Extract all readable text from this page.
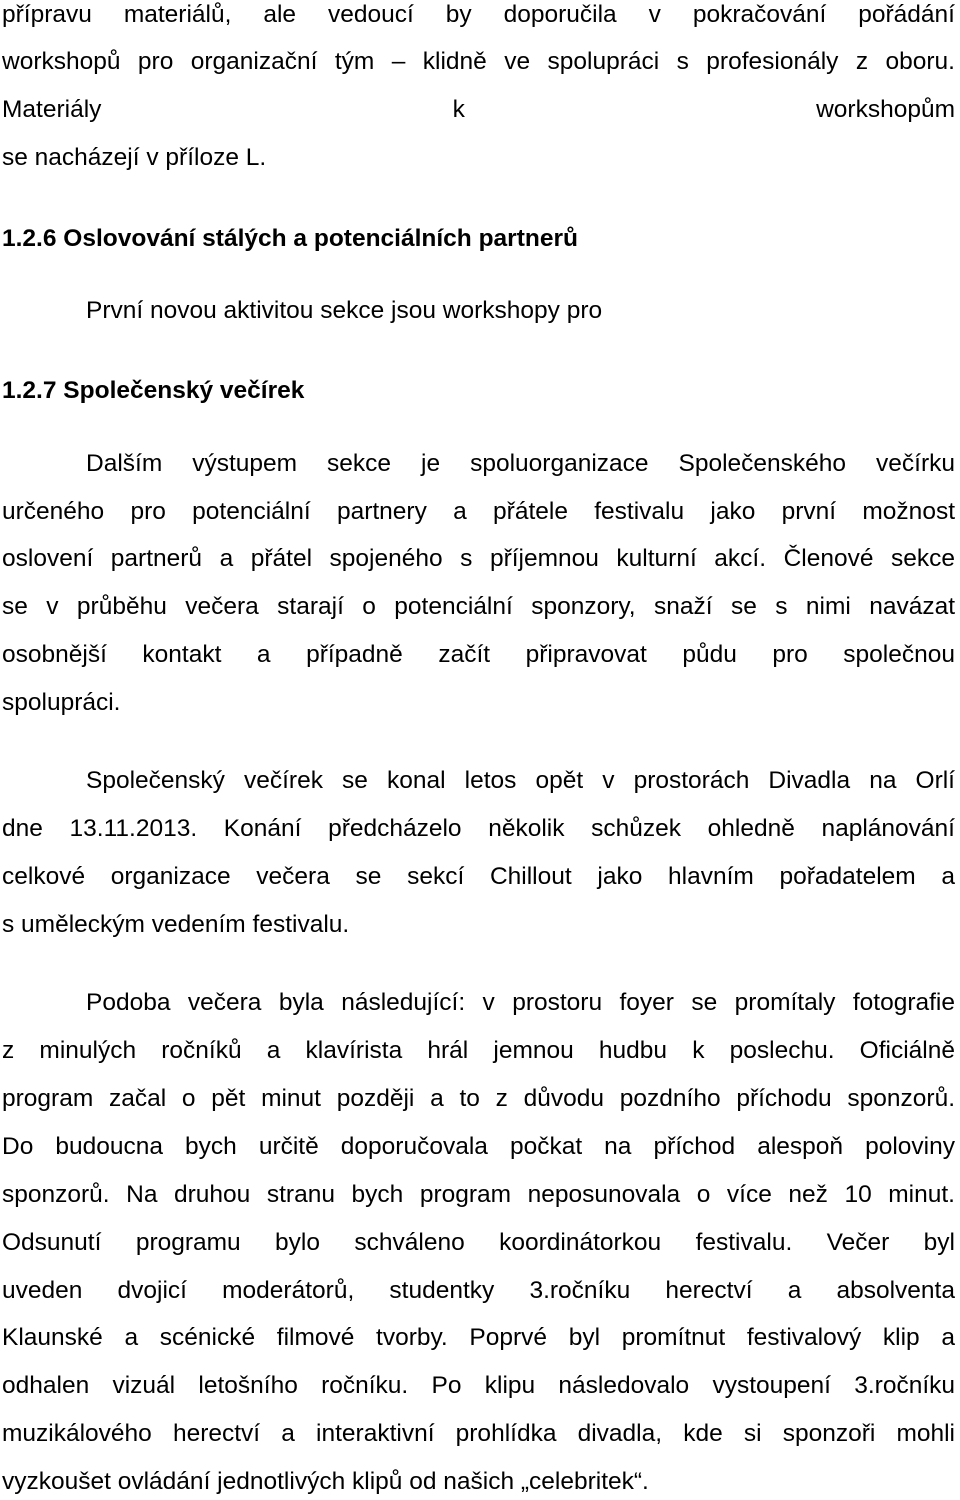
přípravu materiálů, ale vedoucí by doporučila v pokračování pořádání
workshopů pro organizační tým – klidně ve spolupráci s profesionály z oboru.
Materiály k workshopům
se nacházejí v příloze L.
1.2.6 Oslovování stálých a potenciálních partnerů
První novou aktivitou sekce jsou workshopy pro
1.2.7 Společenský večírek
Dalším výstupem sekce je spoluorganizace Společenského večírku
určeného pro potenciální partnery a přátele festivalu jako první možnost
oslovení partnerů a přátel spojeného s příjemnou kulturní akcí. Členové sekce
se v průběhu večera starají o potenciální sponzory, snaží se s nimi navázat
osobnější kontakt a případně začít připravovat půdu pro společnou
spolupráci.
Společenský večírek se konal letos opět v prostorách Divadla na Orlí
dne 13.11.2013. Konání předcházelo několik schůzek ohledně naplánování
celkové organizace večera se sekcí Chillout jako hlavním pořadatelem a
s uměleckým vedením festivalu.
Podoba večera byla následující: v prostoru foyer se promítaly fotografie
z minulých ročníků a klavírista hrál jemnou hudbu k poslechu. Oficiálně
program začal o pět minut později a to z důvodu pozdního příchodu sponzorů.
Do budoucna bych určitě doporučovala počkat na příchod alespoň poloviny
sponzorů. Na druhou stranu bych program neposunovala o více než 10 minut.
Odsunutí programu bylo schváleno koordinátorkou festivalu. Večer byl
uveden dvojicí moderátorů, studentky 3.ročníku herectví a absolventa
Klaunské a scénické filmové tvorby. Poprvé byl promítnut festivalový klip a
odhalen vizuál letošního ročníku. Po klipu následovalo vystoupení 3.ročníku
muzikálového herectví a interaktivní prohlídka divadla, kde si sponzoři mohli
vyzkoušet ovládání jednotlivých klipů od našich „celebritek“.
